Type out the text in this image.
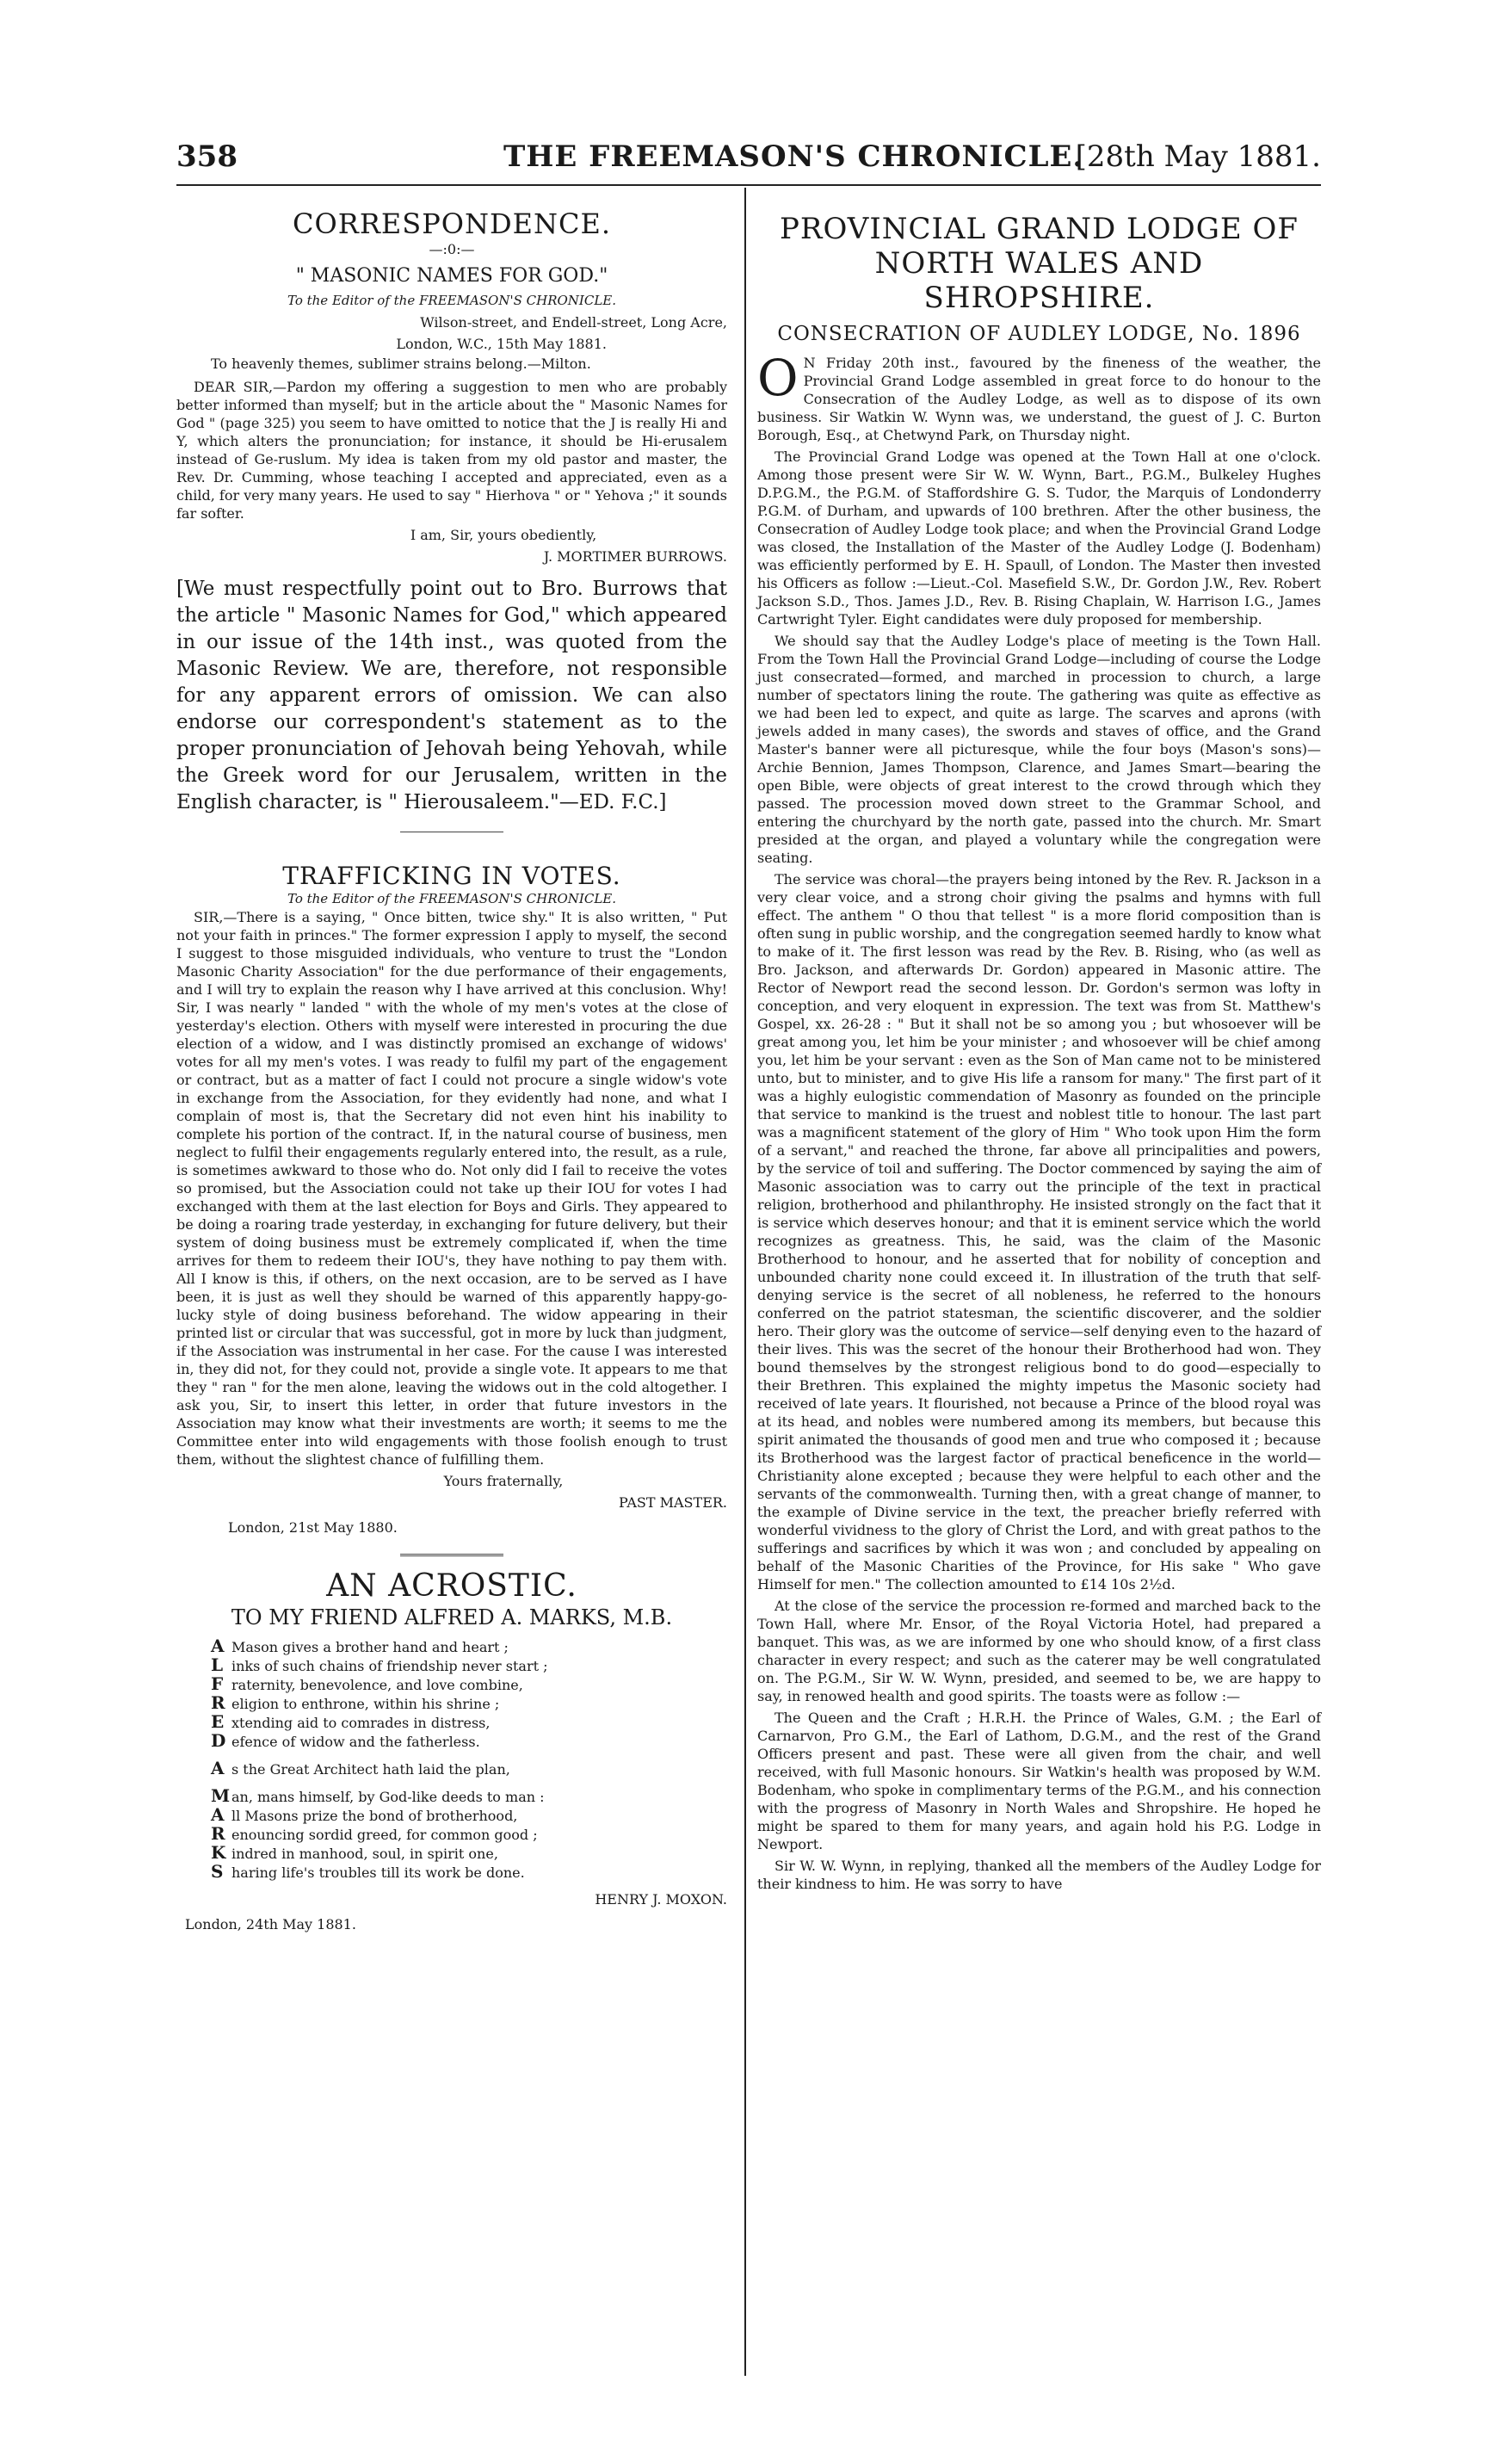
358	THE FREEMASON'S CHRONICLE.
[28th May 1881.
CORRESPONDENCE.
—:0:—
" MASONIC NAMES FOR GOD."

To the Editor of the FREEMASON'S CHRONICLE.

Wilson-street, and Endell-street, Long Acre,

London, W.C., 15th May 1881.

To heavenly themes, sublimer strains belong.—Milton.

DEAR SIR,—Pardon my offering a suggestion to men who are probably better informed than myself; but in the article about the " Masonic Names for God " (page 325) you seem to have omitted to notice that the J is really Hi and Y, which alters the pronunciation; for instance, it should be Hi-erusalem instead of Ge-ruslum. My idea is taken from my old pastor and master, the Rev. Dr. Cumming, whose teaching I accepted and appreciated, even as a child, for very many years. He used to say " Hierhova " or " Yehova ;" it sounds far softer.

I am, Sir, yours obediently,

J. MORTIMER BURROWS.

[We must respectfully point out to Bro. Burrows that the article " Masonic Names for God," which appeared in our issue of the 14th inst., was quoted from the Masonic Review. We are, therefore, not responsible for any apparent errors of omission. We can also endorse our correspondent's statement as to the proper pronunciation of Jehovah being Yehovah, while the Greek word for our Jerusalem, written in the English character, is " Hierousaleem."—ED. F.C.]

TRAFFICKING IN VOTES.

To the Editor of the FREEMASON'S CHRONICLE.

SIR,—There is a saying, " Once bitten, twice shy." It is also written, " Put not your faith in princes." The former expression I apply to myself, the second I suggest to those misguided individuals, who venture to trust the "London Masonic Charity Association" for the due performance of their engagements, and I will try to explain the reason why I have arrived at this conclusion. Why! Sir, I was nearly " landed " with the whole of my men's votes at the close of yesterday's election. Others with myself were interested in procuring the due election of a widow, and I was distinctly promised an exchange of widows' votes for all my men's votes. I was ready to fulfil my part of the engagement or contract, but as a matter of fact I could not procure a single widow's vote in exchange from the Association, for they evidently had none, and what I complain of most is, that the Secretary did not even hint his inability to complete his portion of the contract. If, in the natural course of business, men neglect to fulfil their engagements regularly entered into, the result, as a rule, is sometimes awkward to those who do. Not only did I fail to receive the votes so promised, but the Association could not take up their IOU for votes I had exchanged with them at the last election for Boys and Girls. They appeared to be doing a roaring trade yesterday, in exchanging for future delivery, but their system of doing business must be extremely complicated if, when the time arrives for them to redeem their IOU's, they have nothing to pay them with. All I know is this, if others, on the next occasion, are to be served as I have been, it is just as well they should be warned of this apparently happy-go-lucky style of doing business beforehand. The widow appearing in their printed list or circular that was successful, got in more by luck than judgment, if the Association was instrumental in her case. For the cause I was interested in, they did not, for they could not, provide a single vote. It appears to me that they " ran " for the men alone, leaving the widows out in the cold altogether. I ask you, Sir, to insert this letter, in order that future investors in the Association may know what their investments are worth; it seems to me the Committee enter into wild engagements with those foolish enough to trust them, without the slightest chance of fulfilling them.

Yours fraternally,

PAST MASTER.

London, 21st May 1880.

AN ACROSTIC.
TO MY FRIEND ALFRED A. MARKS, M.B.

A Mason gives a brother hand and heart ;

L inks of such chains of friendship never start ;

F raternity, benevolence, and love combine,

R eligion to enthrone, within his shrine ;

E xtending aid to comrades in distress,

D efence of widow and the fatherless.

A s the Great Architect hath laid the plan,

M an, mans himself, by God-like deeds to man :

A ll Masons prize the bond of brotherhood,

R enouncing sordid greed, for common good ;

K indred in manhood, soul, in spirit one,

S haring life's troubles till its work be done.

HENRY J. MOXON.

London, 24th May 1881.

PROVINCIAL GRAND LODGE OF NORTH WALES AND SHROPSHIRE.
CONSECRATION OF AUDLEY LODGE, No. 1896

O N Friday 20th inst., favoured by the fineness of the weather, the Provincial Grand Lodge assembled in great force to do honour to the Consecration of the Audley Lodge, as well as to dispose of its own business. Sir Watkin W. Wynn was, we understand, the guest of J. C. Burton Borough, Esq., at Chetwynd Park, on Thursday night.

The Provincial Grand Lodge was opened at the Town Hall at one o'clock. Among those present were Sir W. W. Wynn, Bart., P.G.M., Bulkeley Hughes D.P.G.M., the P.G.M. of Staffordshire G. S. Tudor, the Marquis of Londonderry P.G.M. of Durham, and upwards of 100 brethren. After the other business, the Consecration of Audley Lodge took place; and when the Provincial Grand Lodge was closed, the Installation of the Master of the Audley Lodge (J. Bodenham) was efficiently performed by E. H. Spaull, of London. The Master then invested his Officers as follow :—Lieut.-Col. Masefield S.W., Dr. Gordon J.W., Rev. Robert Jackson S.D., Thos. James J.D., Rev. B. Rising Chaplain, W. Harrison I.G., James Cartwright Tyler. Eight candidates were duly proposed for membership.

We should say that the Audley Lodge's place of meeting is the Town Hall. From the Town Hall the Provincial Grand Lodge—including of course the Lodge just consecrated—formed, and marched in procession to church, a large number of spectators lining the route. The gathering was quite as effective as we had been led to expect, and quite as large. The scarves and aprons (with jewels added in many cases), the swords and staves of office, and the Grand Master's banner were all picturesque, while the four boys (Mason's sons)—Archie Bennion, James Thompson, Clarence, and James Smart—bearing the open Bible, were objects of great interest to the crowd through which they passed. The procession moved down street to the Grammar School, and entering the churchyard by the north gate, passed into the church. Mr. Smart presided at the organ, and played a voluntary while the congregation were seating.

The service was choral—the prayers being intoned by the Rev. R. Jackson in a very clear voice, and a strong choir giving the psalms and hymns with full effect. The anthem " O thou that tellest " is a more florid composition than is often sung in public worship, and the congregation seemed hardly to know what to make of it. The first lesson was read by the Rev. B. Rising, who (as well as Bro. Jackson, and afterwards Dr. Gordon) appeared in Masonic attire. The Rector of Newport read the second lesson. Dr. Gordon's sermon was lofty in conception, and very eloquent in expression. The text was from St. Matthew's Gospel, xx. 26-28 : " But it shall not be so among you ; but whosoever will be great among you, let him be your minister ; and whosoever will be chief among you, let him be your servant : even as the Son of Man came not to be ministered unto, but to minister, and to give His life a ransom for many." The first part of it was a highly eulogistic commendation of Masonry as founded on the principle that service to mankind is the truest and noblest title to honour. The last part was a magnificent statement of the glory of Him " Who took upon Him the form of a servant," and reached the throne, far above all principalities and powers, by the service of toil and suffering. The Doctor commenced by saying the aim of Masonic association was to carry out the principle of the text in practical religion, brotherhood and philanthrophy. He insisted strongly on the fact that it is service which deserves honour; and that it is eminent service which the world recognizes as greatness. This, he said, was the claim of the Masonic Brotherhood to honour, and he asserted that for nobility of conception and unbounded charity none could exceed it. In illustration of the truth that self-denying service is the secret of all nobleness, he referred to the honours conferred on the patriot statesman, the scientific discoverer, and the soldier hero. Their glory was the outcome of service—self denying even to the hazard of their lives. This was the secret of the honour their Brotherhood had won. They bound themselves by the strongest religious bond to do good—especially to their Brethren. This explained the mighty impetus the Masonic society had received of late years. It flourished, not because a Prince of the blood royal was at its head, and nobles were numbered among its members, but because this spirit animated the thousands of good men and true who composed it ; because its Brotherhood was the largest factor of practical beneficence in the world—Christianity alone excepted ; because they were helpful to each other and the servants of the commonwealth. Turning then, with a great change of manner, to the example of Divine service in the text, the preacher briefly referred with wonderful vividness to the glory of Christ the Lord, and with great pathos to the sufferings and sacrifices by which it was won ; and concluded by appealing on behalf of the Masonic Charities of the Province, for His sake " Who gave Himself for men." The collection amounted to £14 10s 2½d.

At the close of the service the procession re-formed and marched back to the Town Hall, where Mr. Ensor, of the Royal Victoria Hotel, had prepared a banquet. This was, as we are informed by one who should know, of a first class character in every respect; and such as the caterer may be well congratulated on. The P.G.M., Sir W. W. Wynn, presided, and seemed to be, we are happy to say, in renowed health and good spirits. The toasts were as follow :—

The Queen and the Craft ; H.R.H. the Prince of Wales, G.M. ; the Earl of Carnarvon, Pro G.M., the Earl of Lathom, D.G.M., and the rest of the Grand Officers present and past. These were all given from the chair, and well received, with full Masonic honours. Sir Watkin's health was proposed by W.M. Bodenham, who spoke in complimentary terms of the P.G.M., and his connection with the progress of Masonry in North Wales and Shropshire. He hoped he might be spared to them for many years, and again hold his P.G. Lodge in Newport.

Sir W. W. Wynn, in replying, thanked all the members of the Audley Lodge for their kindness to him. He was sorry to have
